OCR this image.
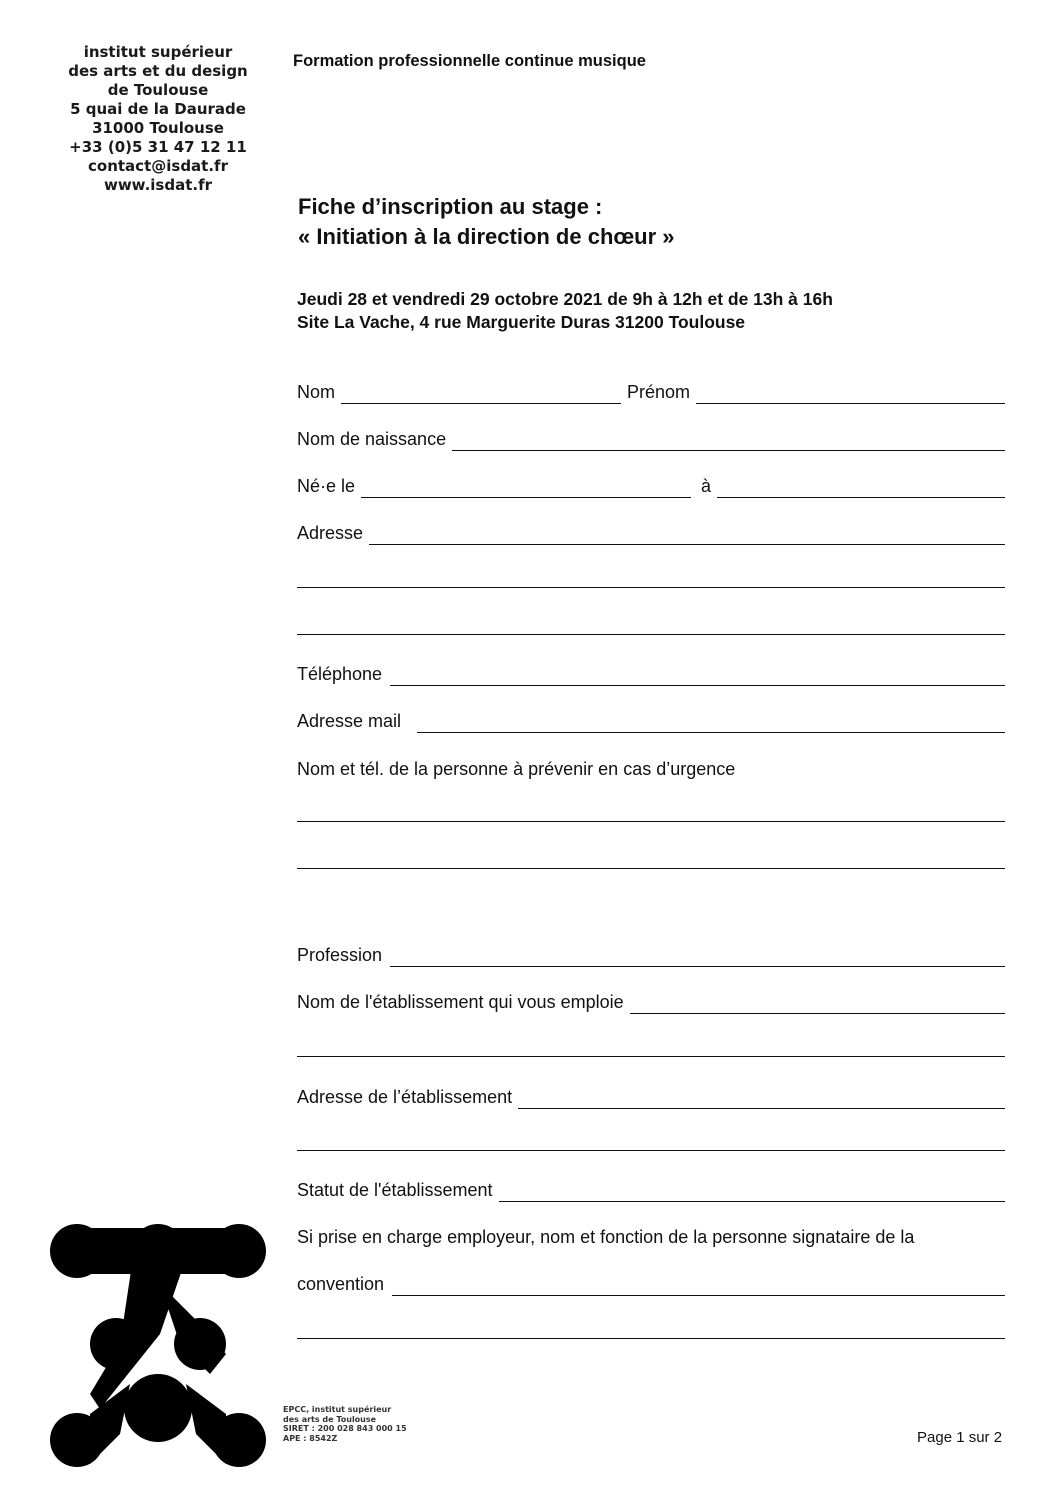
institut supérieur
des arts et du design
de Toulouse
5 quai de la Daurade
31000 Toulouse
+33 (0)5 31 47 12 11
contact@isdat.fr
www.isdat.fr
Formation professionnelle continue musique
Fiche d’inscription au stage :
« Initiation à la direction de chœur »
Jeudi 28 et vendredi 29 octobre 2021 de 9h à 12h et de 13h à 16h
Site La Vache, 4 rue Marguerite Duras 31200 Toulouse
Nom	Prénom
Nom de naissance
Né·e le	à
Adresse
Téléphone
Adresse mail
Nom et tél. de la personne à prévenir en cas d’urgence
Profession
Nom de l'établissement qui vous emploie
Adresse de l’établissement
Statut de l'établissement
Si prise en charge employeur, nom et fonction de la personne signataire de la
convention
EPCC, institut supérieur
des arts de Toulouse
SIRET : 200 028 843 000 15
APE : 8542Z	Page 1 sur 2
